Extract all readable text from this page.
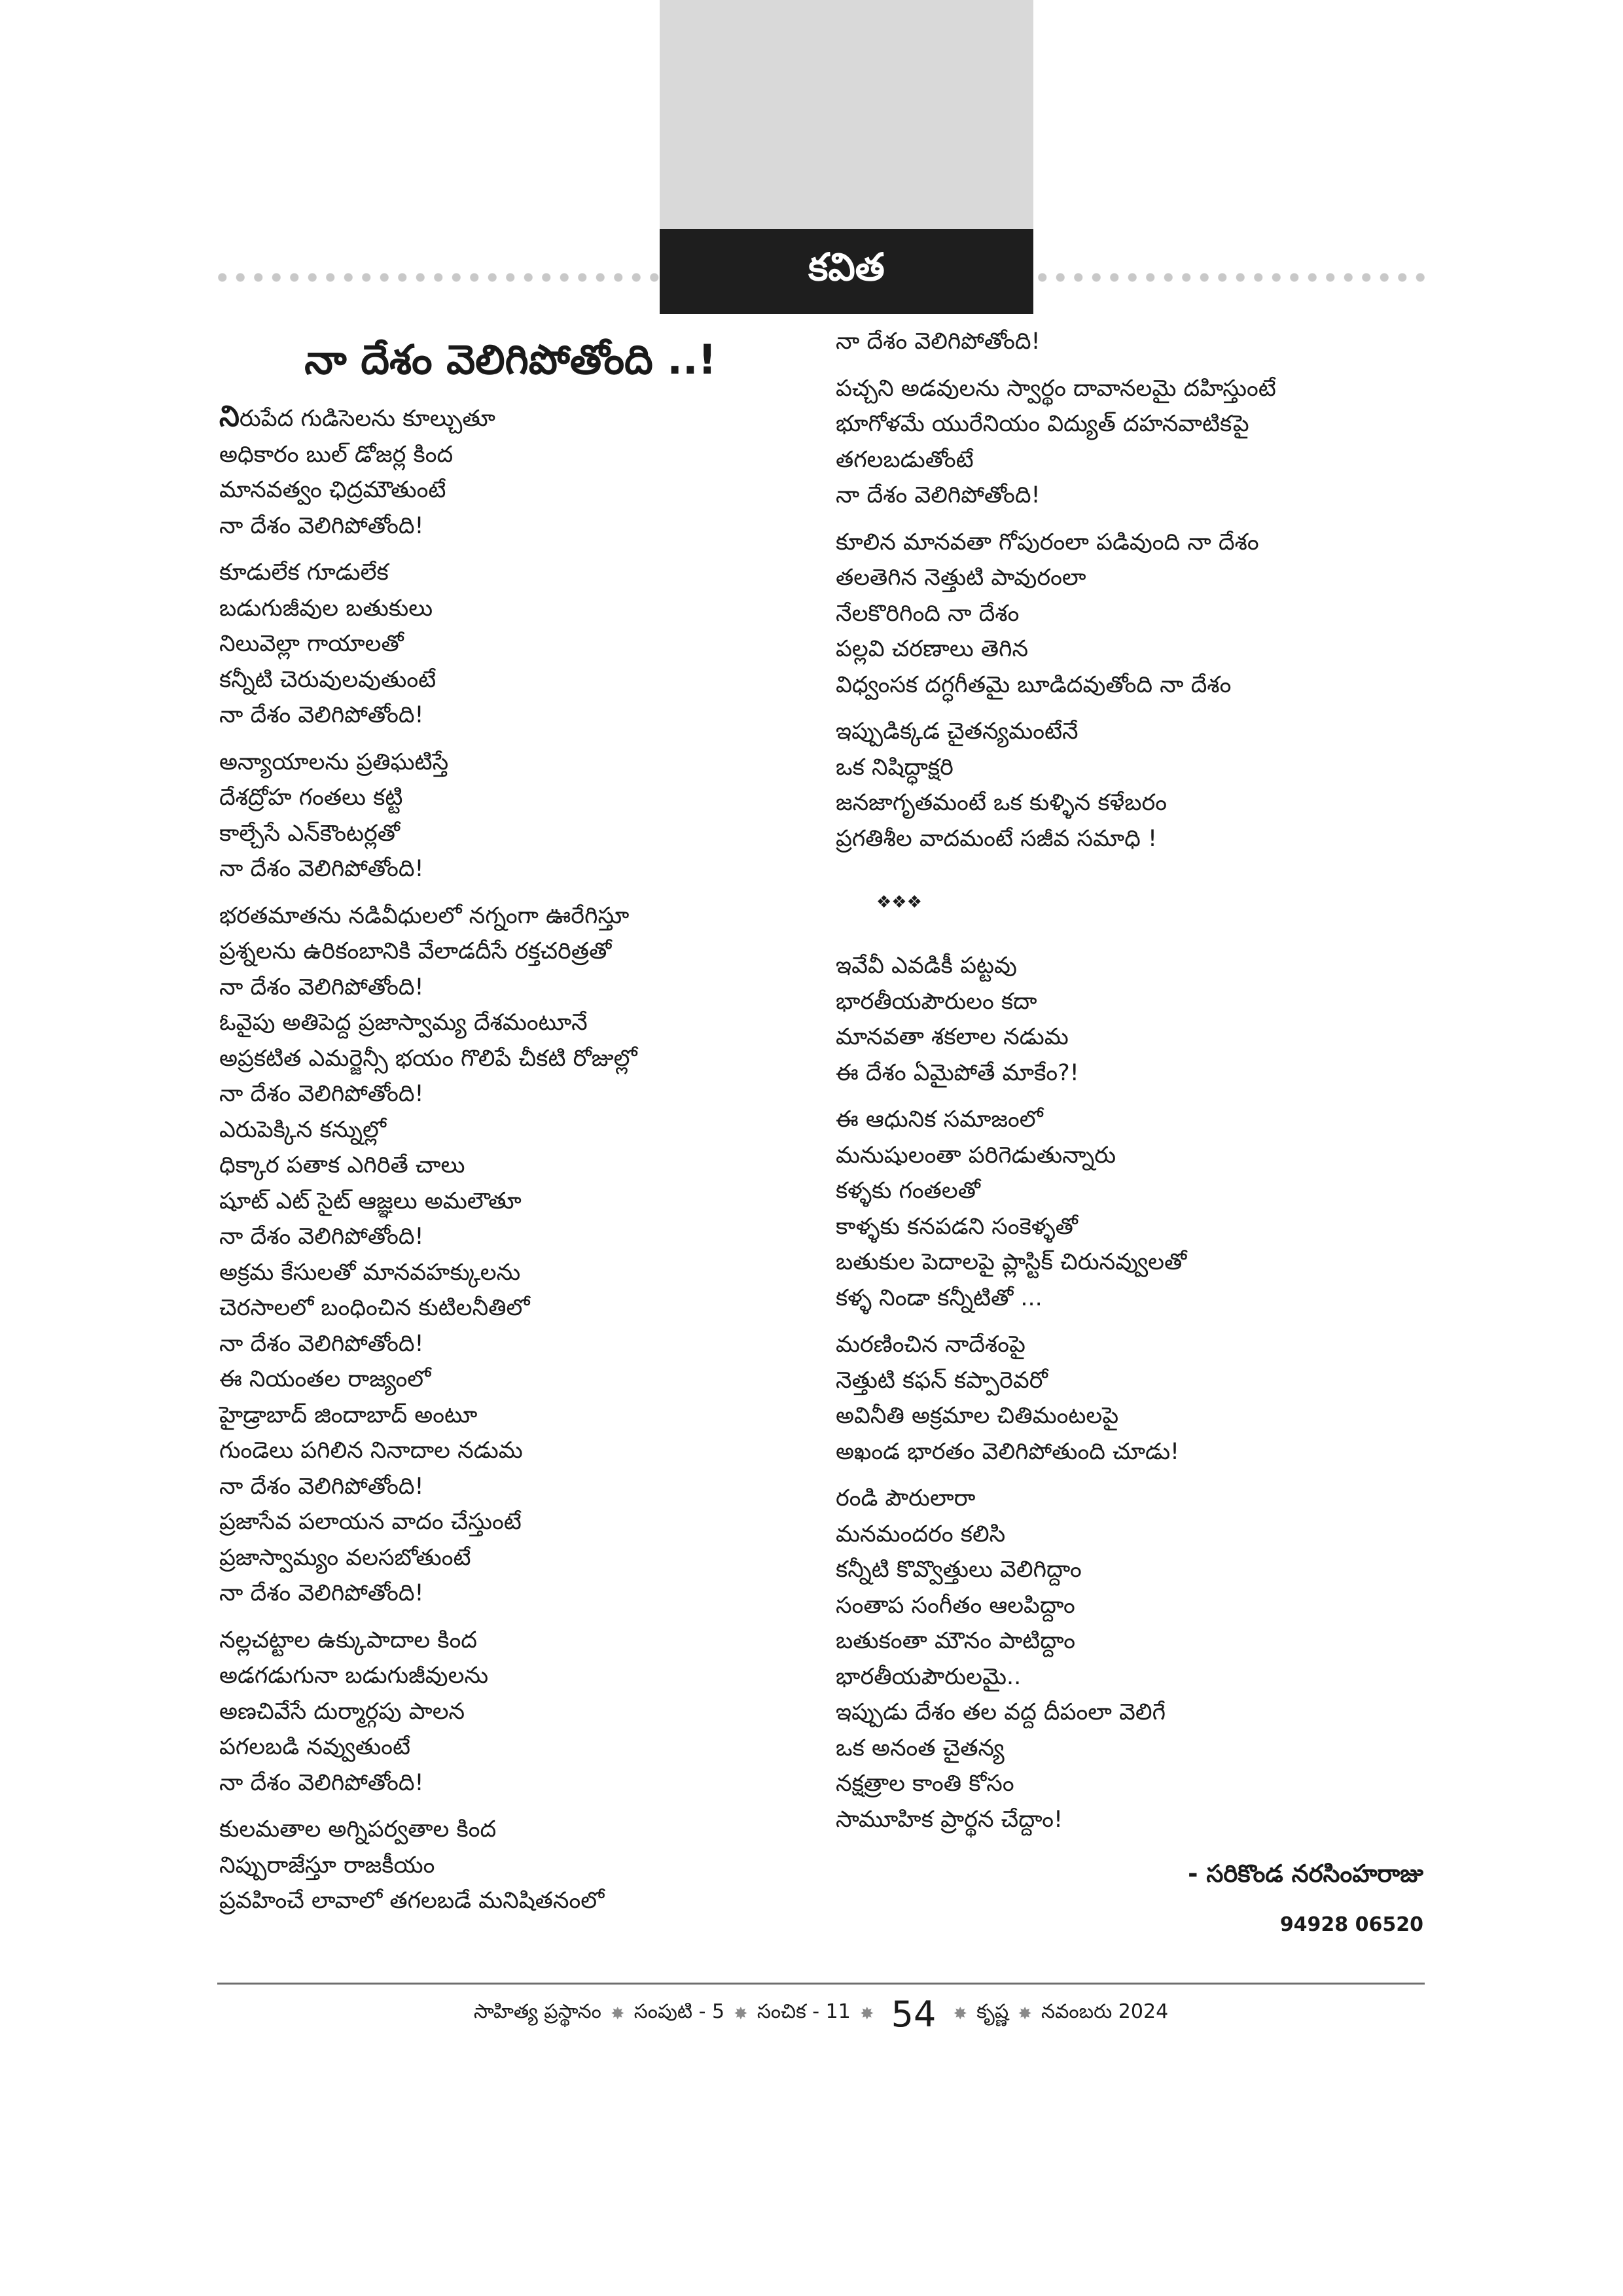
కవిత
నా దేశం వెలిగిపోతోంది ..!
నిరుపేద గుడిసెలను కూల్చుతూ
అధికారం బుల్ డోజర్ల కింద
మానవత్వం ఛిద్రమౌతుంటే
నా దేశం వెలిగిపోతోంది!
కూడులేక గూడులేక
బడుగుజీవుల బతుకులు
నిలువెల్లా గాయాలతో
కన్నీటి చెరువులవుతుంటే
నా దేశం వెలిగిపోతోంది!
అన్యాయాలను ప్రతిఘటిస్తే
దేశద్రోహ గంతలు కట్టి
కాల్చేసే ఎన్‌కౌంటర్లతో
నా దేశం వెలిగిపోతోంది!
భరతమాతను నడివీధులలో నగ్నంగా ఊరేగిస్తూ
ప్రశ్నలను ఉరికంబానికి వేలాడదీసే రక్తచరిత్రతో
నా దేశం వెలిగిపోతోంది!
ఓవైపు అతిపెద్ద ప్రజాస్వామ్య దేశమంటూనే
అప్రకటిత ఎమర్జెన్సీ భయం గొలిపే చీకటి రోజుల్లో
నా దేశం వెలిగిపోతోంది!
ఎరుపెక్కిన కన్నుల్లో
ధిక్కార పతాక ఎగిరితే చాలు
షూట్ ఎట్ సైట్ ఆజ్ఞలు అమలౌతూ
నా దేశం వెలిగిపోతోంది!
అక్రమ కేసులతో మానవహక్కులను
చెరసాలలో బంధించిన కుటిలనీతిలో
నా దేశం వెలిగిపోతోంది!
ఈ నియంతల రాజ్యంలో
హైడ్రాబాద్ జిందాబాద్ అంటూ
గుండెలు పగిలిన నినాదాల నడుమ
నా దేశం వెలిగిపోతోంది!
ప్రజాసేవ పలాయన వాదం చేస్తుంటే
ప్రజాస్వామ్యం వలసబోతుంటే
నా దేశం వెలిగిపోతోంది!
నల్లచట్టాల ఉక్కుపాదాల కింద
అడగడుగునా బడుగుజీవులను
అణచివేసే దుర్మార్గపు పాలన
పగలబడి నవ్వుతుంటే
నా దేశం వెలిగిపోతోంది!
కులమతాల అగ్నిపర్వతాల కింద
నిప్పురాజేస్తూ రాజకీయం
ప్రవహించే లావాలో తగలబడే మనిషితనంలో
నా దేశం వెలిగిపోతోంది!
పచ్చని అడవులను స్వార్థం దావానలమై దహిస్తుంటే
భూగోళమే యురేనియం విద్యుత్ దహనవాటికపై
తగలబడుతోంటే
నా దేశం వెలిగిపోతోంది!
కూలిన మానవతా గోపురంలా పడివుంది నా దేశం
తలతెగిన నెత్తుటి పావురంలా
నేలకొరిగింది నా దేశం
పల్లవి చరణాలు తెగిన
విధ్వంసక దగ్ధగీతమై బూడిదవుతోంది నా దేశం
ఇప్పుడిక్కడ చైతన్యమంటేనే
ఒక నిషిద్ధాక్షరి
జనజాగృతమంటే ఒక కుళ్ళిన కళేబరం
ప్రగతిశీల వాదమంటే సజీవ సమాధి !
❖❖❖
ఇవేవీ ఎవడికీ పట్టవు
భారతీయపౌరులం కదా
మానవతా శకలాల నడుమ
ఈ దేశం ఏమైపోతే మాకేం?!
ఈ ఆధునిక సమాజంలో
మనుషులంతా పరిగెడుతున్నారు
కళ్ళకు గంతలతో
కాళ్ళకు కనపడని సంకెళ్ళతో
బతుకుల పెదాలపై ప్లాస్టిక్ చిరునవ్వులతో
కళ్ళ నిండా కన్నీటితో ...
మరణించిన నాదేశంపై
నెత్తుటి కఫన్ కప్పారెవరో
అవినీతి అక్రమాల చితిమంటలపై
అఖండ భారతం వెలిగిపోతుంది చూడు!
రండి పౌరులారా
మనమందరం కలిసి
కన్నీటి కొవ్వొత్తులు వెలిగిద్దాం
సంతాప సంగీతం ఆలపిద్దాం
బతుకంతా మౌనం పాటిద్దాం
భారతీయపౌరులమై..
ఇప్పుడు దేశం తల వద్ద దీపంలా వెలిగే
ఒక అనంత చైతన్య
నక్షత్రాల కాంతి కోసం
సామూహిక ప్రార్థన చేద్దాం!
- సరికొండ నరసింహరాజు
94928 06520
సాహిత్య ప్రస్థానం ✸ సంపుటి - 5 ✸ సంచిక - 11 ✸ 54 ✸ కృష్ణ ✸ నవంబరు 2024
